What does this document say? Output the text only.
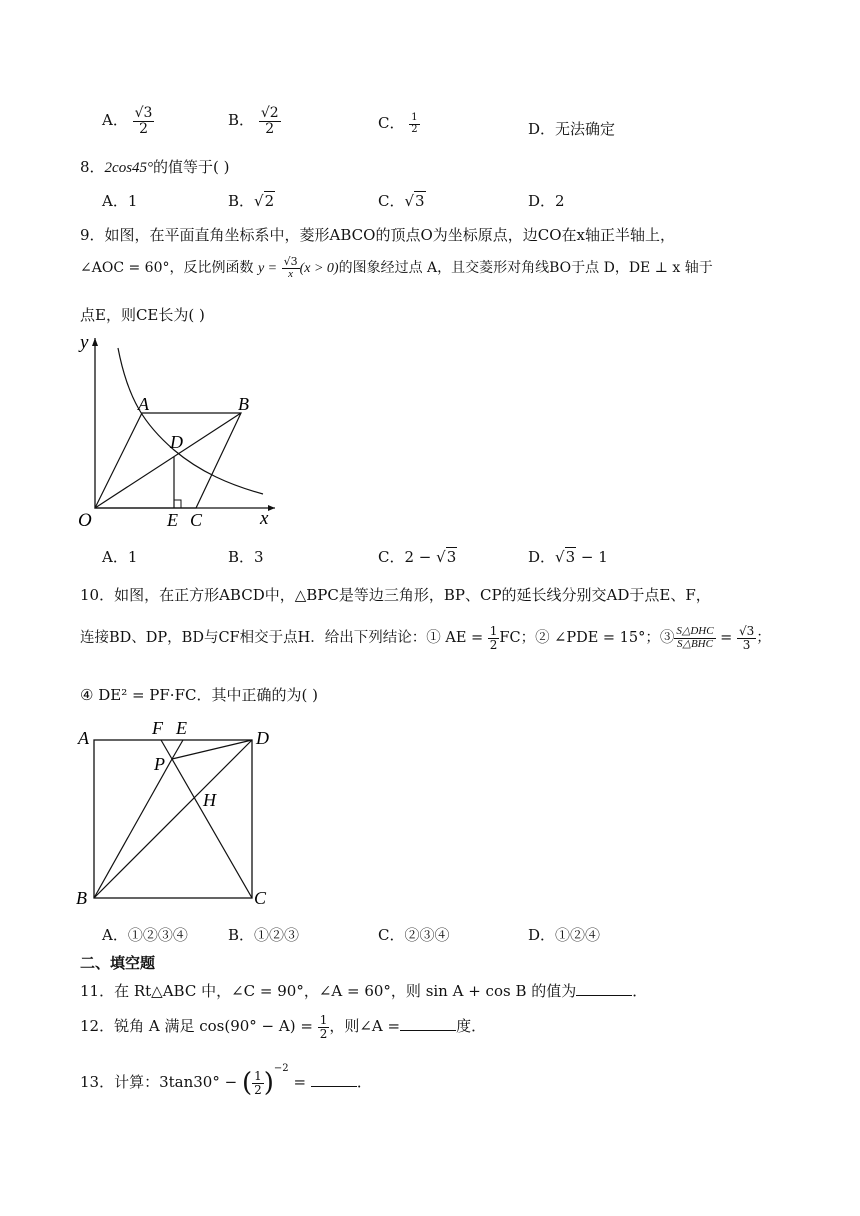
A． $\frac{√3}{2}$	B． $\frac{√2}{2}$	C． $\frac{1}{2}$	D．无法确定
8．2cos45°的值等于( )
A．1	B．√2	C．√3	D．2
9．如图，在平面直角坐标系中，菱形ABCO的顶点O为坐标原点，边CO在x轴正半轴上，
∠AOC = 60°，反比例函数 $y = \frac{√3}{x} (x > 0)$的图象经过点 A，且交菱形对角线BO于点 D，DE ⊥ x 轴于
点E，则CE长为( )
y
x
O
A	B
D
E C
A．1	B．3	C．2 − √3	D．√3 − 1
10．如图，在正方形ABCD中，△BPC是等边三角形，BP、CP的延长线分别交AD于点E、F，
连接BD、DP，BD与CF相交于点H．给出下列结论：① AE = $\frac{1}{2}$ FC；② ∠PDE = 15°；③ $\frac{\text{S△DHC}}{\text{S△BHC}} = \frac{√3}{3}$ ；
④ DE² = PF·FC．其中正确的为( )
A	F E	D
P
H
B	C
A．①②③④	B．①②③	C．②③④	D．①②④
二、填空题
11．在 Rt△ABC 中，∠C = 90°，∠A = 60°，则 sin A + cos B 的值为	．
12．锐角 A 满足 $\cos(90^\circ - A) = \frac{1}{2}$ ，则∠A =	度．
13．计算：3tan30° − ( $\frac{1}{2} )^{-2}$ =	．
